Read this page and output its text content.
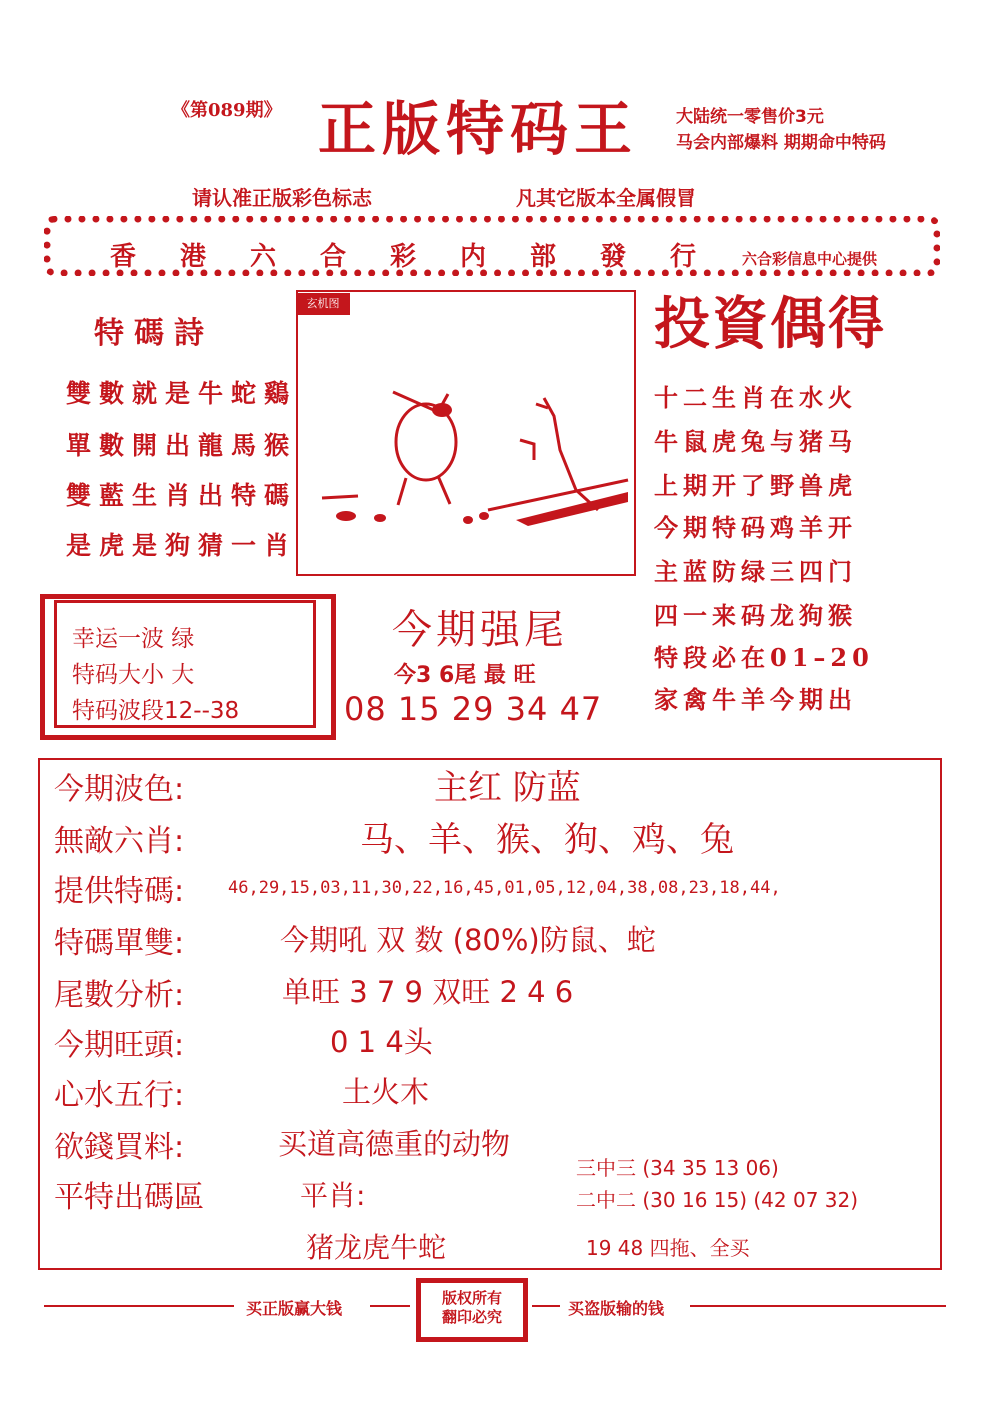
《第089期》 正版特码王 大陆统一零售价3元
马会内部爆料 期期命中特码
请认准正版彩色标志	凡其它版本全属假冒
香港六合彩内部發行 六合彩信息中心提供
特碼詩
雙數就是牛蛇鷄
單數開出龍馬猴
雙藍生肖出特碼
是虎是狗猜一肖
玄机图	投資偶得
十二生肖在水火
牛鼠虎兔与猪马
上期开了野兽虎
今期特码鸡羊开
主蓝防绿三四门
四一来码龙狗猴
特段必在01–20
家禽牛羊今期出
幸运一波 绿
特码大小 大
特码波段12--38
今期强尾
今3 6尾 最 旺
08 15 29 34 47
今期波色:	主红 防蓝
無敵六肖:	马、羊、猴、狗、鸡、兔
提供特碼:	46,29,15,03,11,30,22,16,45,01,05,12,04,38,08,23,18,44,
特碼單雙:	今期吼 双 数 (80%)防鼠、蛇
尾數分析:	单旺 3 7 9 双旺 2 4 6
今期旺頭:	0 1 4头
心水五行:	土火木
欲錢買料:	买道高德重的动物
平特出碼區	平肖:
猪龙虎牛蛇
三中三 (34 35 13 06)
二中二 (30 16 15) (42 07 32)
19 48 四拖、全买
买正版赢大钱
版权所有
翻印必究	买盗版输的钱
